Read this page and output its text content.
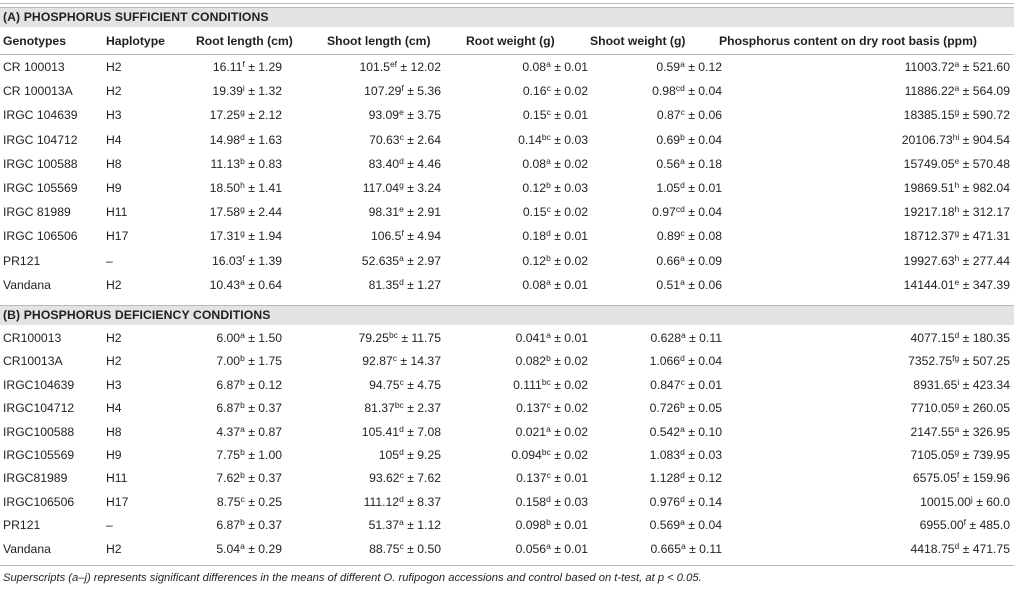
(A) PHOSPHORUS SUFFICIENT CONDITIONS
Genotypes	Haplotype	Root length (cm)	Shoot length (cm)	Root weight (g)	Shoot weight (g)	Phosphorus content on dry root basis (ppm)
CR 100013	H2	16.11$^f$ ± 1.29	101.5$^{ef}$ ± 12.02	0.08$^a$ ± 0.01	0.59$^a$ ± 0.12	11003.72$^a$ ± 521.60
CR 100013A	H2	$19.39^i \pm 1.32$	107.29$^f$ ± 5.36	0.16$^c$ ± 0.02	0.98$^{cd}$ ± 0.04	11886.22$^a$ ± 564.09
IRGC 104639 H3	17.25$^g$ ± 2.12	93.09$^e$ ± 3.75	0.15$^c$ ± 0.01	0.87$^c$ ± 0.06	18385.15$^g$ ± 590.72
IRGC 104712 H4	14.98$^d$ ± 1.63	70.63$^c$ ± 2.64	0.14$^{bc}$ ± 0.03	0.69$^b$ ± 0.04	$20106.73^{hi} \pm 904.54$
IRGC 100588 H8	11.13$^b$ ± 0.83	83.40$^d$ ± 4.46	0.08$^a$ ± 0.02	0.56$^a$ ± 0.18	15749.05$^e$ ± 570.48
IRGC 105569 H9	18.50$^h$ ± 1.41	117.04$^g$ ± 3.24	0.12$^b$ ± 0.03	1.05$^d$ ± 0.01	19869.51$^h$ ± 982.04
IRGC 81989	H11	17.58$^g$ ± 2.44	98.31$^e$ ± 2.91	0.15$^c$ ± 0.02	0.97$^{cd}$ ± 0.04	19217.18$^h$ ± 312.17
IRGC 106506 H17	17.31$^g$ ± 1.94	106.5$^f$ ± 4.94	0.18$^d$ ± 0.01	0.89$^c$ ± 0.08	18712.37$^g$ ± 471.31
PR121	–	16.03$^f$ ± 1.39	52.635$^a$ ± 2.97	0.12$^b$ ± 0.02	0.66$^a$ ± 0.09	19927.63$^h$ ± 277.44
Vandana	H2	10.43$^a$ ± 0.64	81.35$^d$ ± 1.27	0.08$^a$ ± 0.01	0.51$^a$ ± 0.06	14144.01$^e$ ± 347.39
(B) PHOSPHORUS DEFICIENCY CONDITIONS
CR100013	H2	6.00$^a$ ± 1.50	79.25$^{bc}$ ± 11.75	0.041$^a$ ± 0.01	0.628$^a$ ± 0.11	4077.15$^d$ ± 180.35
CR10013A	H2	7.00$^b$ ± 1.75	92.87$^c$ ± 14.37	0.082$^b$ ± 0.02	1.066$^d$ ± 0.04	7352.75$^{fg}$ ± 507.25
IRGC104639	H3	6.87$^b$ ± 0.12	94.75$^c$ ± 4.75	0.111$^{bc}$ ± 0.02	0.847$^c$ ± 0.01	$8931.65^i \pm 423.34$
IRGC104712	H4	6.87$^b$ ± 0.37	81.37$^{bc}$ ± 2.37	0.137$^c$ ± 0.02	0.726$^b$ ± 0.05	7710.05$^g$ ± 260.05
IRGC100588	H8	4.37$^a$ ± 0.87	105.41$^d$ ± 7.08	0.021$^a$ ± 0.02	0.542$^a$ ± 0.10	2147.55$^a$ ± 326.95
IRGC105569	H9	7.75$^b$ ± 1.00	$105^d \pm 9.25$	0.094$^{bc}$ ± 0.02	1.083$^d$ ± 0.03	7105.05$^g$ ± 739.95
IRGC81989	H11	7.62$^b$ ± 0.37	93.62$^c$ ± 7.62	0.137$^c$ ± 0.01	1.128$^d$ ± 0.12	6575.05$^f$ ± 159.96
IRGC106506	H17	8.75$^c$ ± 0.25	111.12$^d$ ± 8.37	0.158$^d$ ± 0.03	0.976$^d$ ± 0.14	$10015.00^j \pm 60.0$
PR121	–	6.87$^b$ ± 0.37	51.37$^a$ ± 1.12	0.098$^b$ ± 0.01	0.569$^a$ ± 0.04	6955.00$^f$ ± 485.0
Vandana	H2	5.04$^a$ ± 0.29	88.75$^c$ ± 0.50	0.056$^a$ ± 0.01	0.665$^a$ ± 0.11	4418.75$^d$ ± 471.75
Superscripts (a–j) represents significant differences in the means of different O. rufipogon accessions and control based on t-test, at p < 0.05.
